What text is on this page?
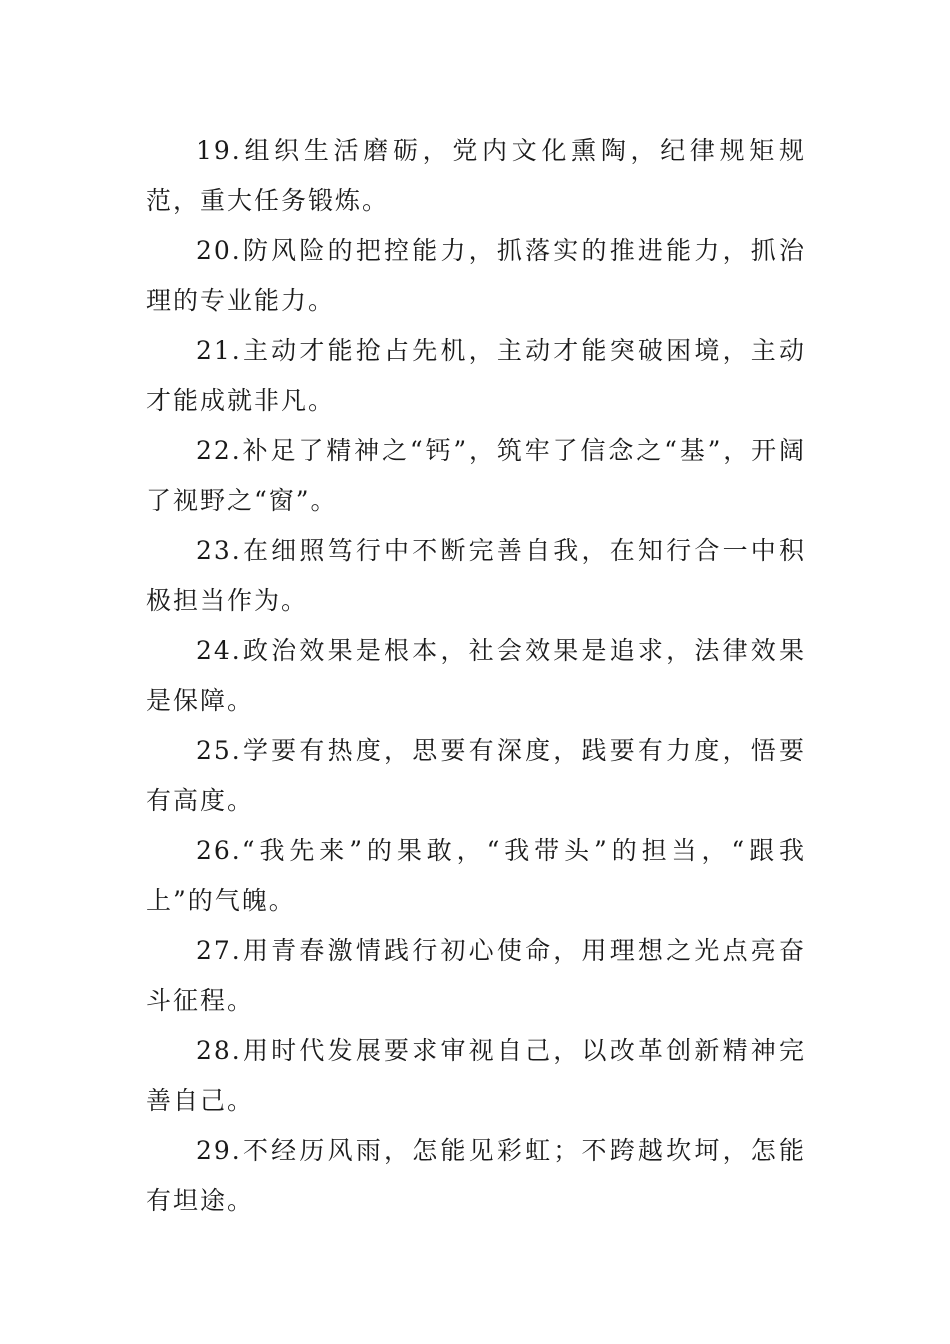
19.组织生活磨砺，党内文化熏陶，纪律规矩规范，重大任务锻炼。

20.防风险的把控能力，抓落实的推进能力，抓治理的专业能力。

21.主动才能抢占先机，主动才能突破困境，主动才能成就非凡。

22.补足了精神之“钙”，筑牢了信念之“基”，开阔了视野之“窗”。

23.在细照笃行中不断完善自我，在知行合一中积极担当作为。

24.政治效果是根本，社会效果是追求，法律效果是保障。

25.学要有热度，思要有深度，践要有力度，悟要有高度。

26.“我先来”的果敢，“我带头”的担当，“跟我上”的气魄。

27.用青春激情践行初心使命，用理想之光点亮奋斗征程。

28.用时代发展要求审视自己，以改革创新精神完善自己。

29.不经历风雨，怎能见彩虹；不跨越坎坷，怎能有坦途。
